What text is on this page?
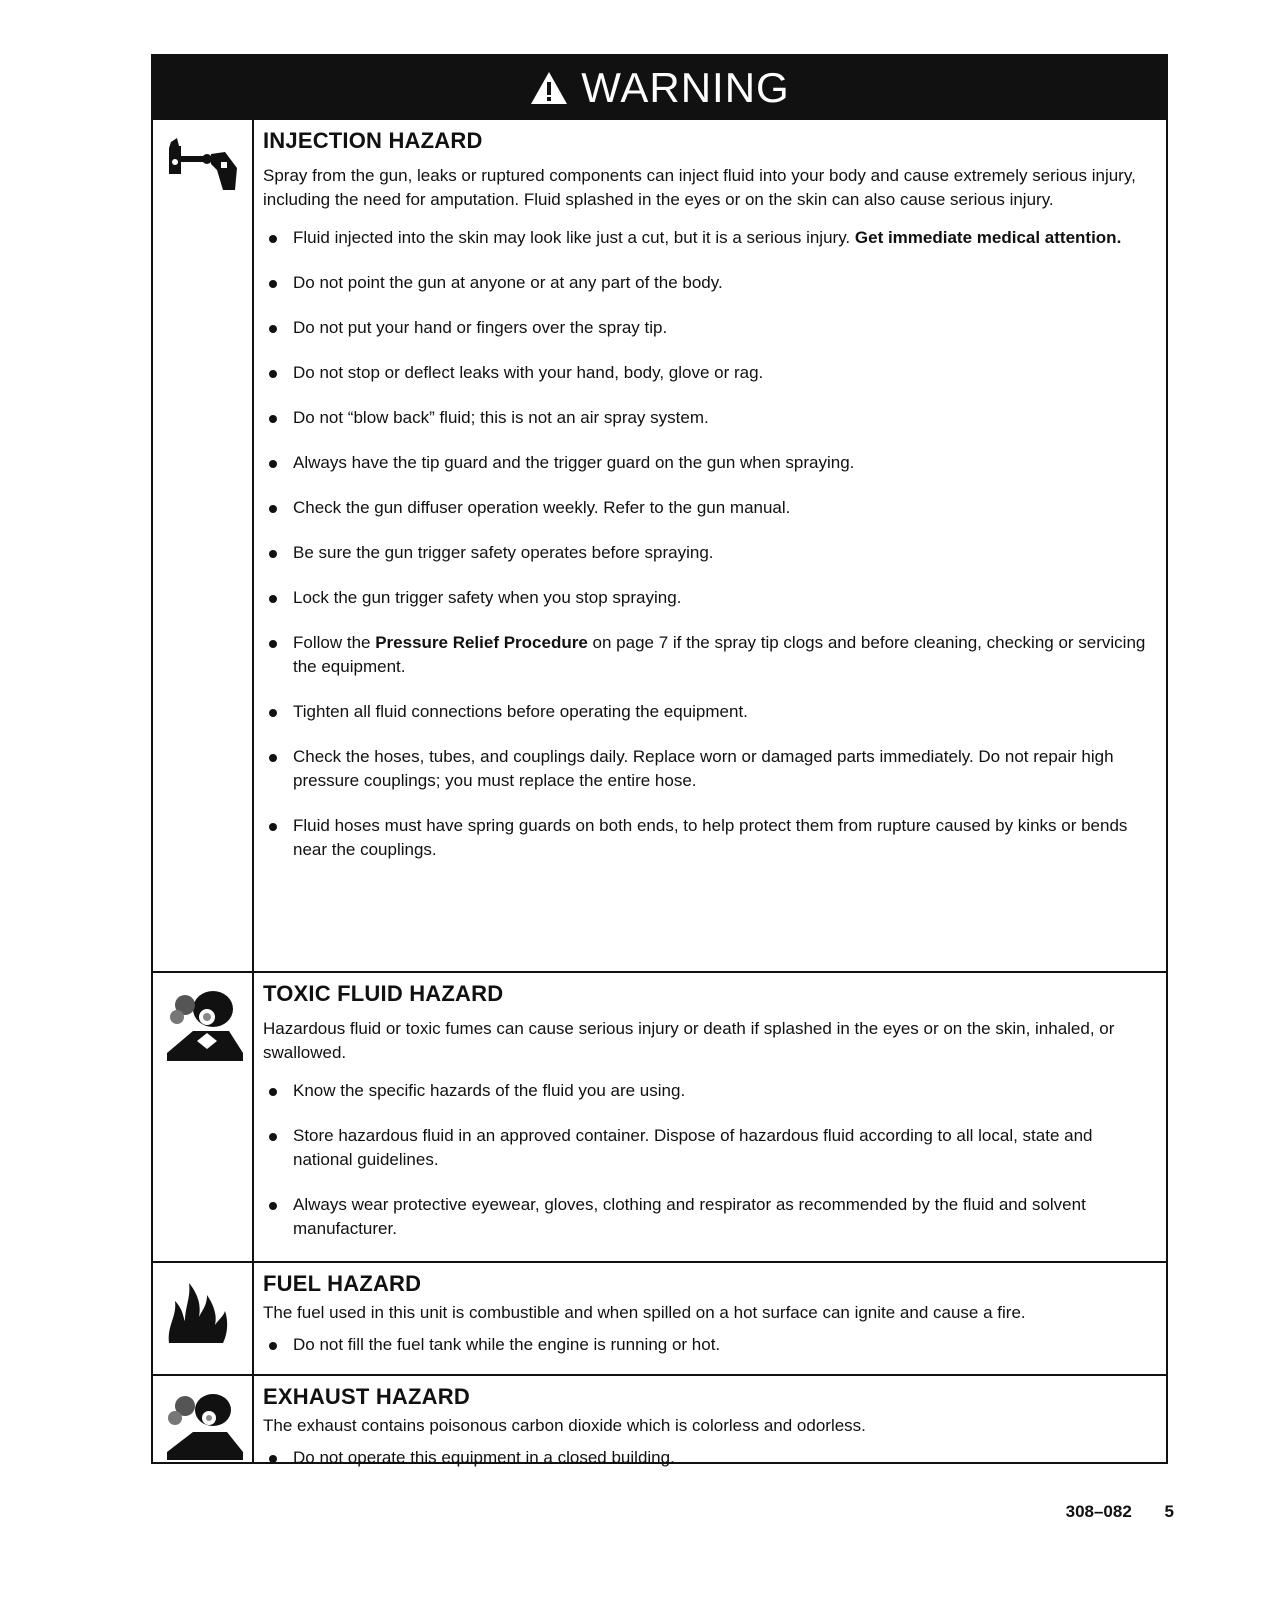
WARNING
INJECTION HAZARD

Spray from the gun, leaks or ruptured components can inject fluid into your body and cause extremely serious injury, including the need for amputation. Fluid splashed in the eyes or on the skin can also cause serious injury.

Fluid injected into the skin may look like just a cut, but it is a serious injury. Get immediate medical attention.
Do not point the gun at anyone or at any part of the body.
Do not put your hand or fingers over the spray tip.
Do not stop or deflect leaks with your hand, body, glove or rag.
Do not “blow back” fluid; this is not an air spray system.
Always have the tip guard and the trigger guard on the gun when spraying.
Check the gun diffuser operation weekly. Refer to the gun manual.
Be sure the gun trigger safety operates before spraying.
Lock the gun trigger safety when you stop spraying.
Follow the Pressure Relief Procedure on page 7 if the spray tip clogs and before cleaning, checking or servicing the equipment.
Tighten all fluid connections before operating the equipment.
Check the hoses, tubes, and couplings daily. Replace worn or damaged parts immediately. Do not repair high pressure couplings; you must replace the entire hose.
Fluid hoses must have spring guards on both ends, to help protect them from rupture caused by kinks or bends near the couplings.
TOXIC FLUID HAZARD

Hazardous fluid or toxic fumes can cause serious injury or death if splashed in the eyes or on the skin, inhaled, or swallowed.

Know the specific hazards of the fluid you are using.
Store hazardous fluid in an approved container. Dispose of hazardous fluid according to all local, state and national guidelines.
Always wear protective eyewear, gloves, clothing and respirator as recommended by the fluid and solvent manufacturer.
FUEL HAZARD

The fuel used in this unit is combustible and when spilled on a hot surface can ignite and cause a fire.

Do not fill the fuel tank while the engine is running or hot.
EXHAUST HAZARD

The exhaust contains poisonous carbon dioxide which is colorless and odorless.

Do not operate this equipment in a closed building.
308–082 5
